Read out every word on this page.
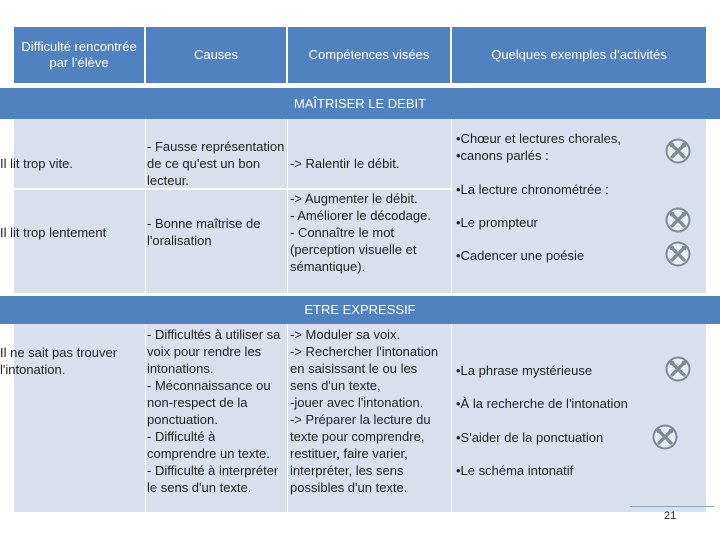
Difficulté rencontrée par l’élève
Causes	Compétences visées	Quelques exemples d’activités
MAÎTRISER LE DEBIT
Il lit trop vite.
- Fausse représentation de ce qu'est un bon lecteur.
-> Ralentir le débit.
Il lit trop lentement
- Bonne maîtrise de l'oralisation
-> Augmenter le débit.
- Améliorer le décodage.
- Connaître le mot (perception visuelle et sémantique).
•Chœur et lectures chorales,
•canons parlés :
•La lecture chronométrée :
•Le prompteur
•Cadencer une poésie
ETRE EXPRESSIF
Il ne sait pas trouver l'intonation.
- Difficultés à utiliser sa voix pour rendre les intonations.
- Méconnaissance ou non-respect de la ponctuation.
- Difficulté à comprendre un texte.
- Difficulté à interpréter le sens d'un texte.
-> Moduler sa voix.
-> Rechercher l'intonation en saisissant le ou les sens d'un texte,
-jouer avec l'intonation.
-> Préparer la lecture du texte pour comprendre, restituer, faire varier, interpréter, les sens possibles d'un texte.
•La phrase mystérieuse
•À la recherche de l'intonation
•S'aider de la ponctuation
•Le schéma intonatif
21
